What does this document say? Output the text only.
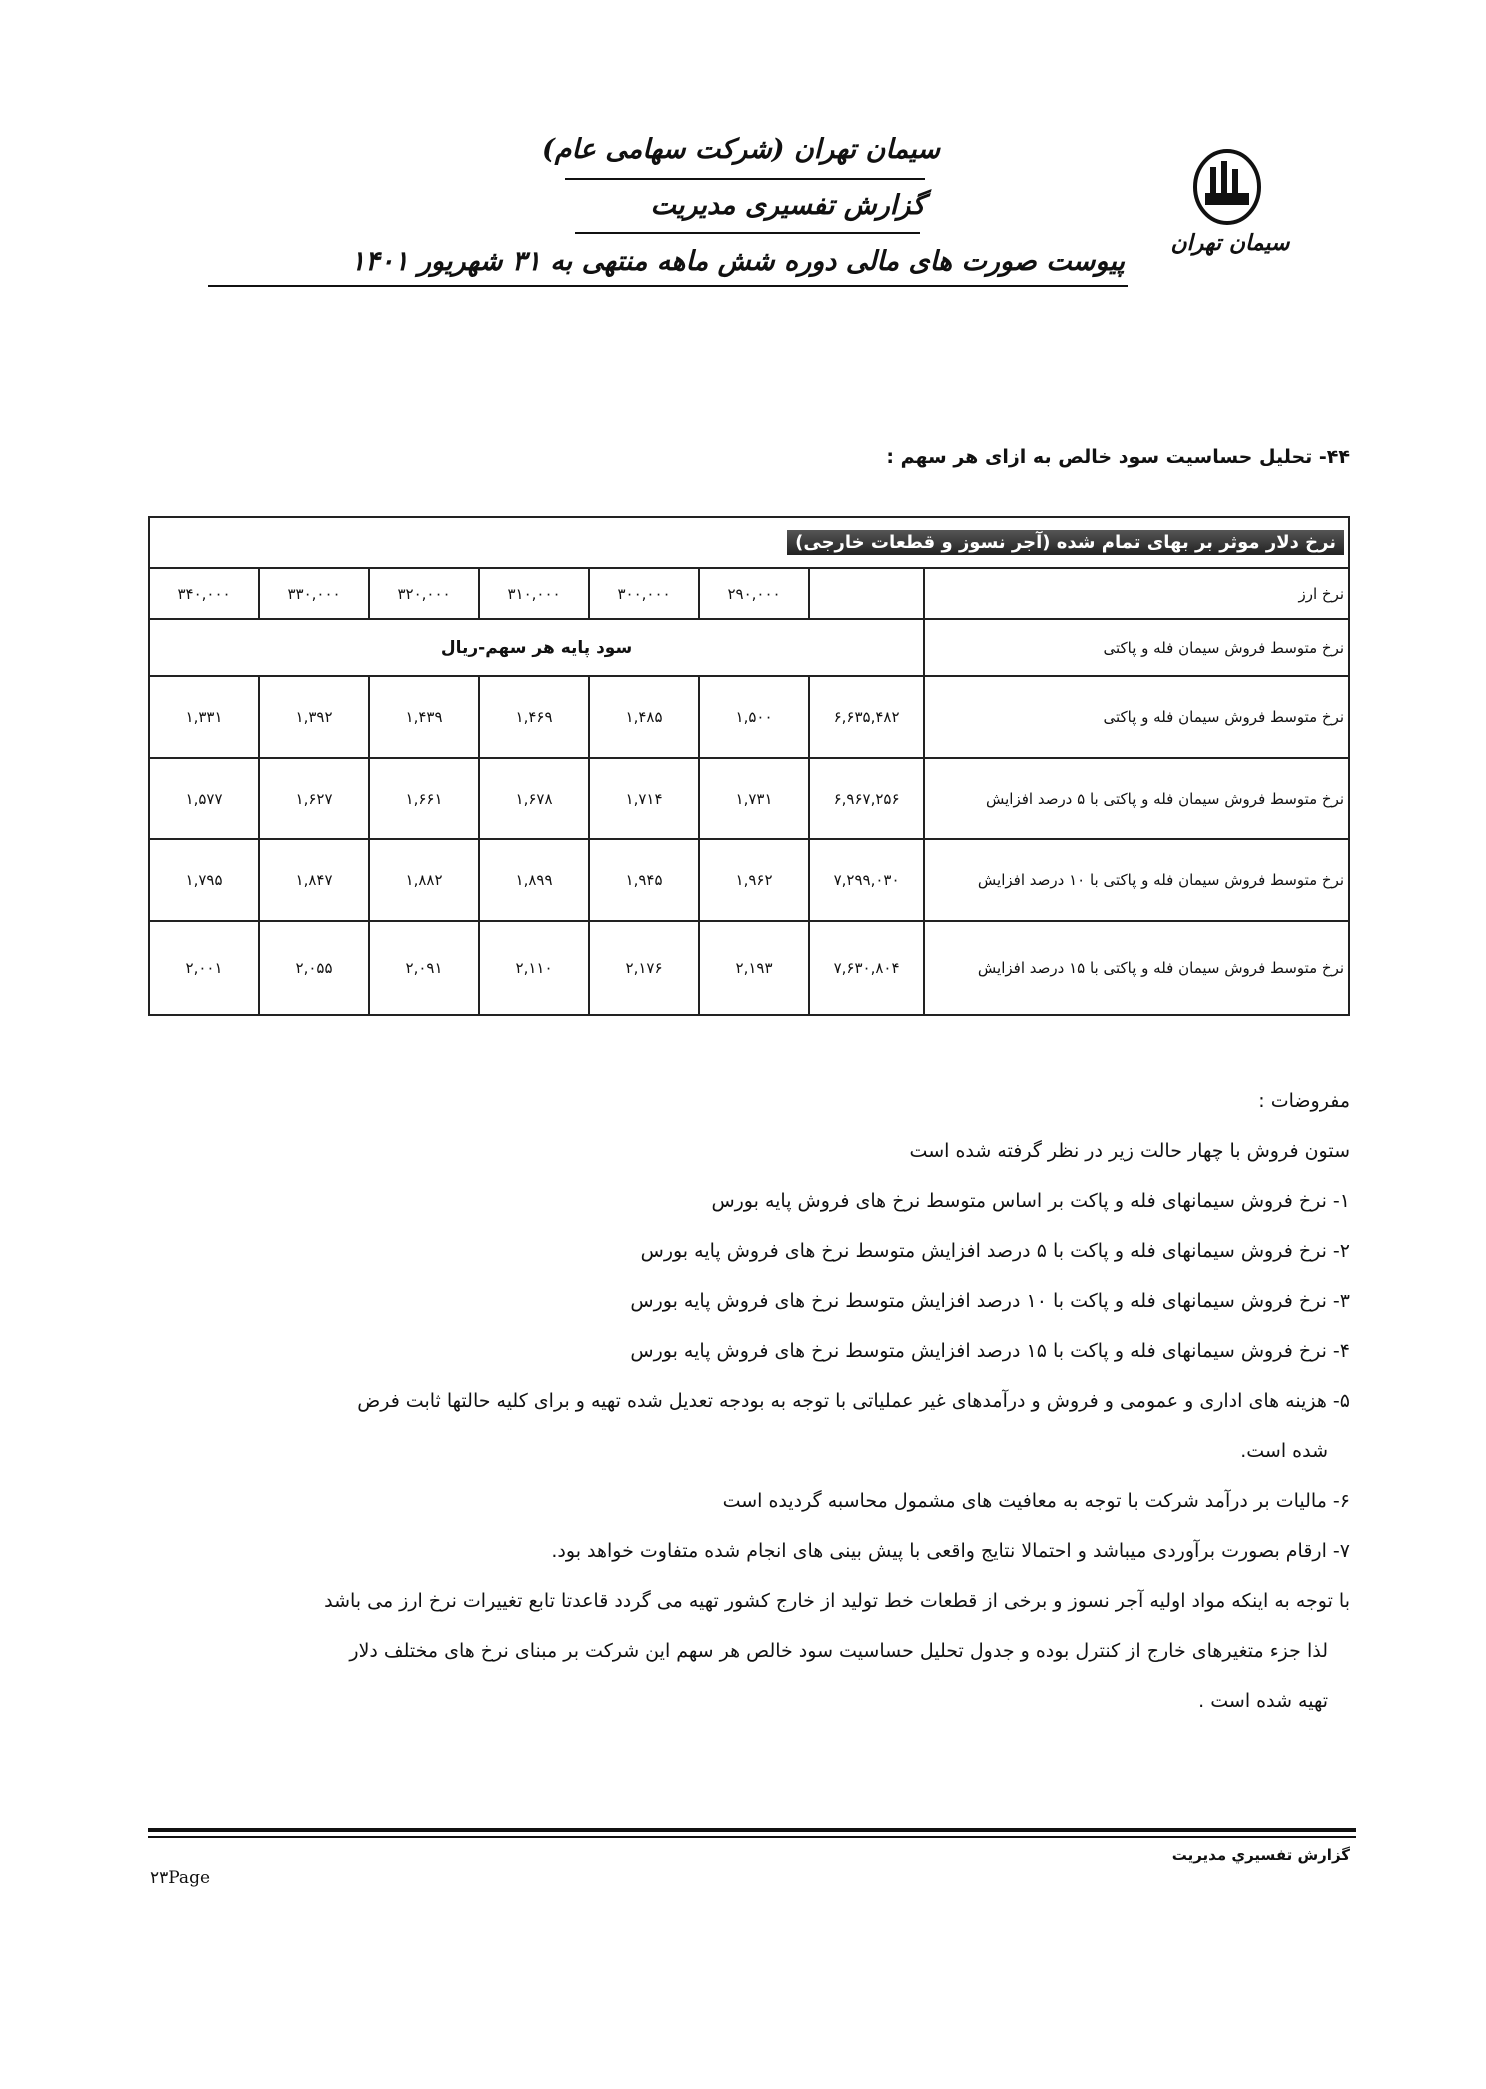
سیمان تهران (شرکت سهامی عام)
گزارش تفسیری مدیریت
پیوست صورت های مالی دوره شش ماهه منتهی به ۳۱ شهریور ۱۴۰۱
سیمان تهران
۴۴- تحلیل حساسیت سود خالص به ازای هر سهم :
نرخ دلار موثر بر بهای تمام شده (آجر نسوز و قطعات خارجی)							
نرخ ارز		۲۹۰,۰۰۰	۳۰۰,۰۰۰	۳۱۰,۰۰۰	۳۲۰,۰۰۰	۳۳۰,۰۰۰	۳۴۰,۰۰۰
نرخ متوسط فروش سیمان فله و پاکتی	سود پایه هر سهم-ریال						
نرخ متوسط فروش سیمان فله و پاکتی	۶,۶۳۵,۴۸۲	۱,۵۰۰	۱,۴۸۵	۱,۴۶۹	۱,۴۳۹	۱,۳۹۲	۱,۳۳۱
نرخ متوسط فروش سیمان فله و پاکتی با ۵ درصد افزایش	۶,۹۶۷,۲۵۶	۱,۷۳۱	۱,۷۱۴	۱,۶۷۸	۱,۶۶۱	۱,۶۲۷	۱,۵۷۷
نرخ متوسط فروش سیمان فله و پاکتی با ۱۰ درصد افزایش	۷,۲۹۹,۰۳۰	۱,۹۶۲	۱,۹۴۵	۱,۸۹۹	۱,۸۸۲	۱,۸۴۷	۱,۷۹۵
نرخ متوسط فروش سیمان فله و پاکتی با ۱۵ درصد افزایش	۷,۶۳۰,۸۰۴	۲,۱۹۳	۲,۱۷۶	۲,۱۱۰	۲,۰۹۱	۲,۰۵۵	۲,۰۰۱

مفروضات :

ستون فروش با چهار حالت زیر در نظر گرفته شده است

۱- نرخ فروش سیمانهای فله و پاکت بر اساس متوسط نرخ های فروش پایه بورس

۲- نرخ فروش سیمانهای فله و پاکت با ۵ درصد افزایش متوسط نرخ های فروش پایه بورس

۳- نرخ فروش سیمانهای فله و پاکت با ۱۰ درصد افزایش متوسط نرخ های فروش پایه بورس

۴- نرخ فروش سیمانهای فله و پاکت با ۱۵ درصد افزایش متوسط نرخ های فروش پایه بورس

۵- هزینه های اداری و عمومی و فروش و درآمدهای غیر عملیاتی با توجه به بودجه تعدیل شده تهیه و برای کلیه حالتها ثابت فرض

شده است.

۶- مالیات بر درآمد شرکت با توجه به معافیت های مشمول محاسبه گردیده است

۷- ارقام بصورت برآوردی میباشد و احتمالا نتایج واقعی با پیش بینی های انجام شده متفاوت خواهد بود.

با توجه به اینکه مواد اولیه آجر نسوز و برخی از قطعات خط تولید از خارج کشور تهیه می گردد قاعدتا تابع تغییرات نرخ ارز می باشد

لذا جزء متغیرهای خارج از کنترل بوده و جدول تحلیل حساسیت سود خالص هر سهم این شرکت بر مبنای نرخ های مختلف دلار

تهیه شده است .

گزارش تفسیري مدیریت
۲۳Page
